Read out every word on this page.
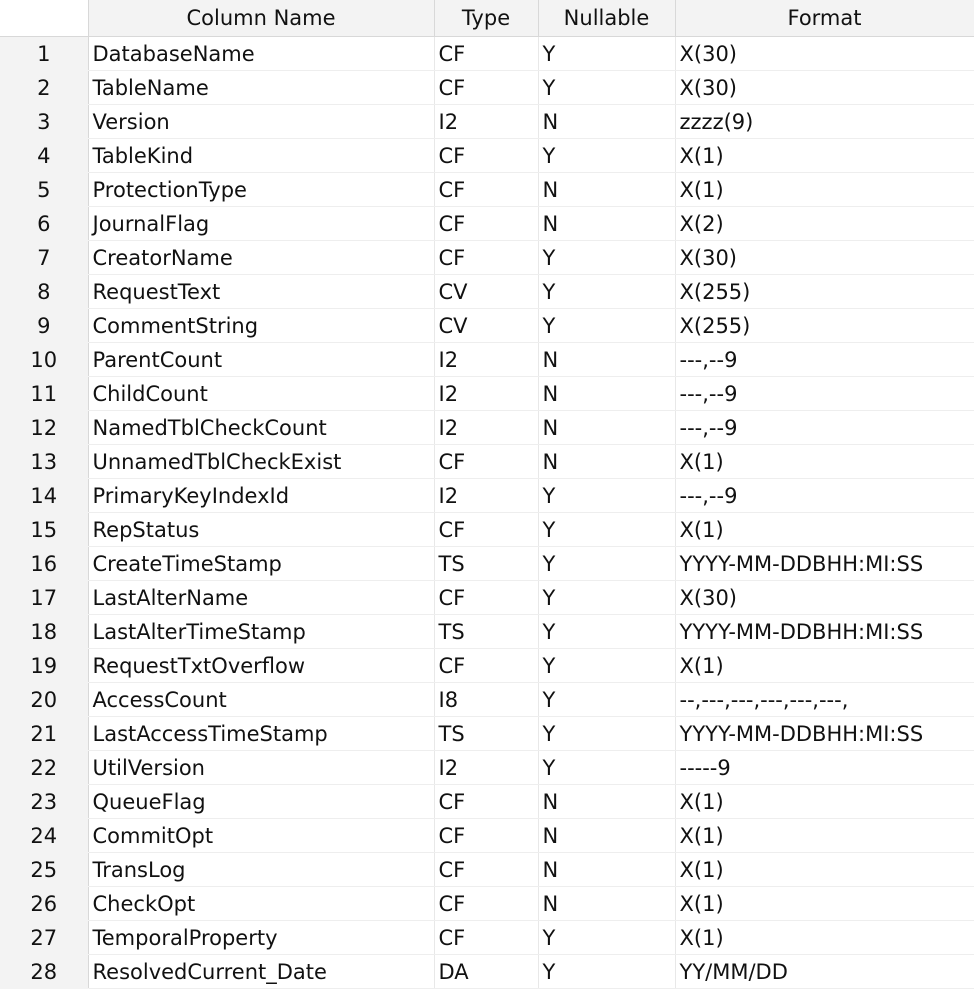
	Column Name	Type	Nullable	Format
1	DatabaseName	CF	Y	X(30)
2	TableName	CF	Y	X(30)
3	Version	I2	N	zzzz(9)
4	TableKind	CF	Y	X(1)
5	ProtectionType	CF	N	X(1)
6	JournalFlag	CF	N	X(2)
7	CreatorName	CF	Y	X(30)
8	RequestText	CV	Y	X(255)
9	CommentString	CV	Y	X(255)
10	ParentCount	I2	N	---,--9
11	ChildCount	I2	N	---,--9
12	NamedTblCheckCount	I2	N	---,--9
13	UnnamedTblCheckExist	CF	N	X(1)
14	PrimaryKeyIndexId	I2	Y	---,--9
15	RepStatus	CF	Y	X(1)
16	CreateTimeStamp	TS	Y	YYYY-MM-DDBHH:MI:SS
17	LastAlterName	CF	Y	X(30)
18	LastAlterTimeStamp	TS	Y	YYYY-MM-DDBHH:MI:SS
19	RequestTxtOverflow	CF	Y	X(1)
20	AccessCount	I8	Y	--,---,---,---,---,---,
21	LastAccessTimeStamp	TS	Y	YYYY-MM-DDBHH:MI:SS
22	UtilVersion	I2	Y	-----9
23	QueueFlag	CF	N	X(1)
24	CommitOpt	CF	N	X(1)
25	TransLog	CF	N	X(1)
26	CheckOpt	CF	N	X(1)
27	TemporalProperty	CF	Y	X(1)
28	ResolvedCurrent_Date	DA	Y	YY/MM/DD
